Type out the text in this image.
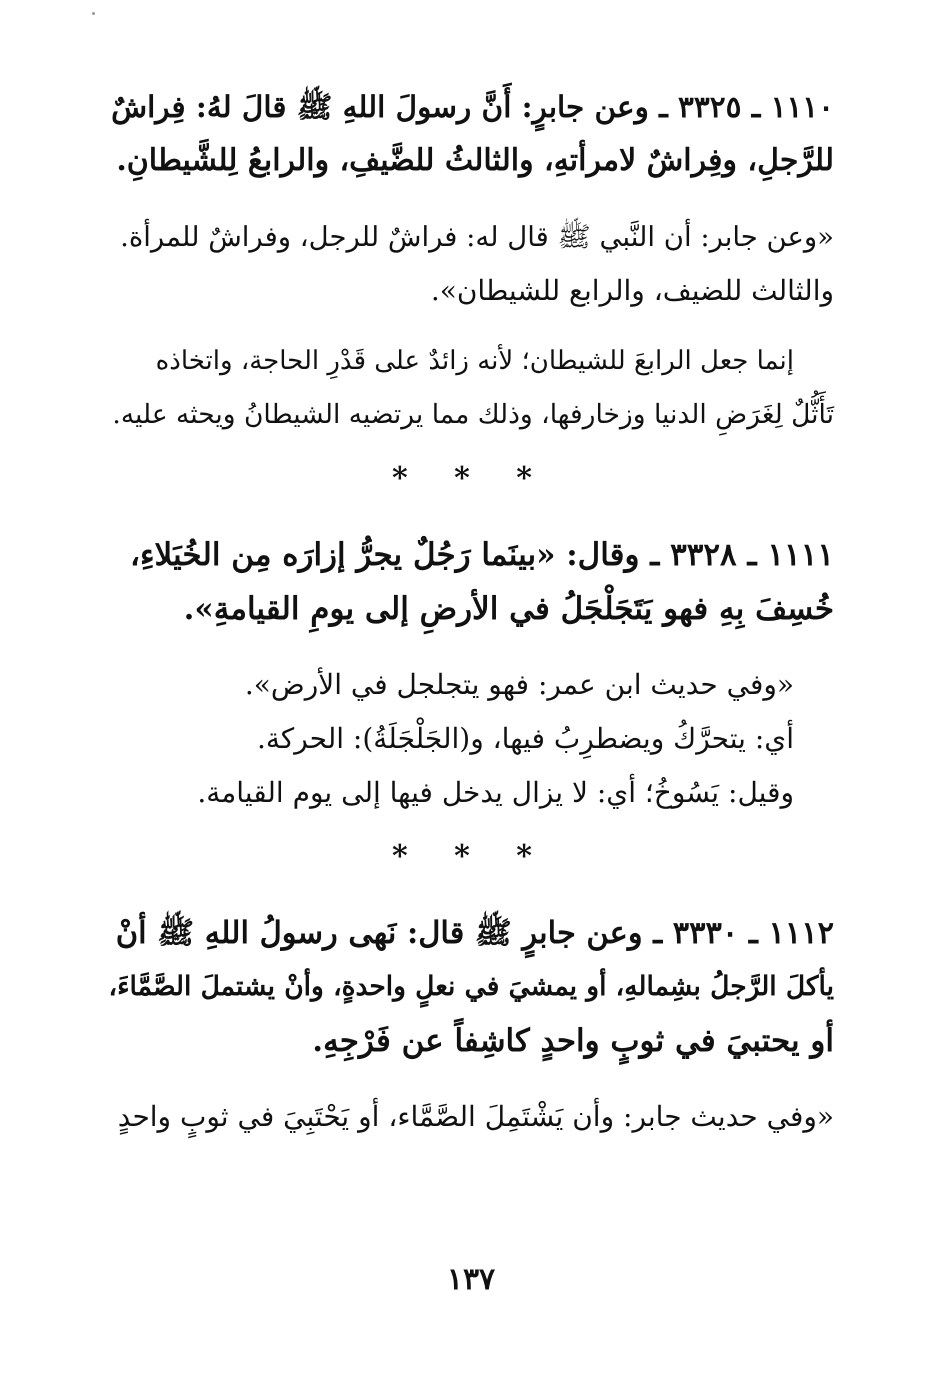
١١١٠ ـ ٣٣٢٥ ـ وعن جابرٍ: أَنَّ رسولَ اللهِ ﷺ قالَ لهُ: فِراشٌ
للرَّجلِ، وفِراشٌ لامرأتهِ، والثالثُ للضَّيفِ، والرابعُ لِلشَّيطانِ.

«وعن جابر: أن النَّبي ﷺ قال له: فراشٌ للرجل، وفراشٌ للمرأة.
والثالث للضيف، والرابع للشيطان».

إنما جعل الرابعَ للشيطان؛ لأنه زائدٌ على قَدْرِ الحاجة، واتخاذه
تَأَثُّلٌ لِغَرَضِ الدنيا وزخارفها، وذلك مما يرتضيه الشيطانُ ويحثه عليه.

* * *

١١١١ ـ ٣٣٢٨ ـ وقال: «بينَما رَجُلٌ يجرُّ إزارَه مِن الخُيَلاءِ،
خُسِفَ بِهِ فهو يَتَجَلْجَلُ في الأرضِ إلى يومِ القيامةِ».

«وفي حديث ابن عمر: فهو يتجلجل في الأرض».
أي: يتحرَّكُ ويضطرِبُ فيها، و(الجَلْجَلَةُ): الحركة.
وقيل: يَسُوخُ؛ أي: لا يزال يدخل فيها إلى يوم القيامة.

* * *

١١١٢ ـ ٣٣٣٠ ـ وعن جابرٍ ﷺ قال: نَهى رسولُ اللهِ ﷺ أنْ
يأكلَ الرَّجلُ بشِمالهِ، أو يمشيَ في نعلٍ واحدةٍ، وأنْ يشتملَ الصَّمَّاءَ،
أو يحتبيَ في ثوبٍ واحدٍ كاشِفاً عن فَرْجِهِ.

«وفي حديث جابر: وأن يَشْتَمِلَ الصَّمَّاء، أو يَحْتَبِيَ في ثوبٍ واحدٍ

١٣٧
